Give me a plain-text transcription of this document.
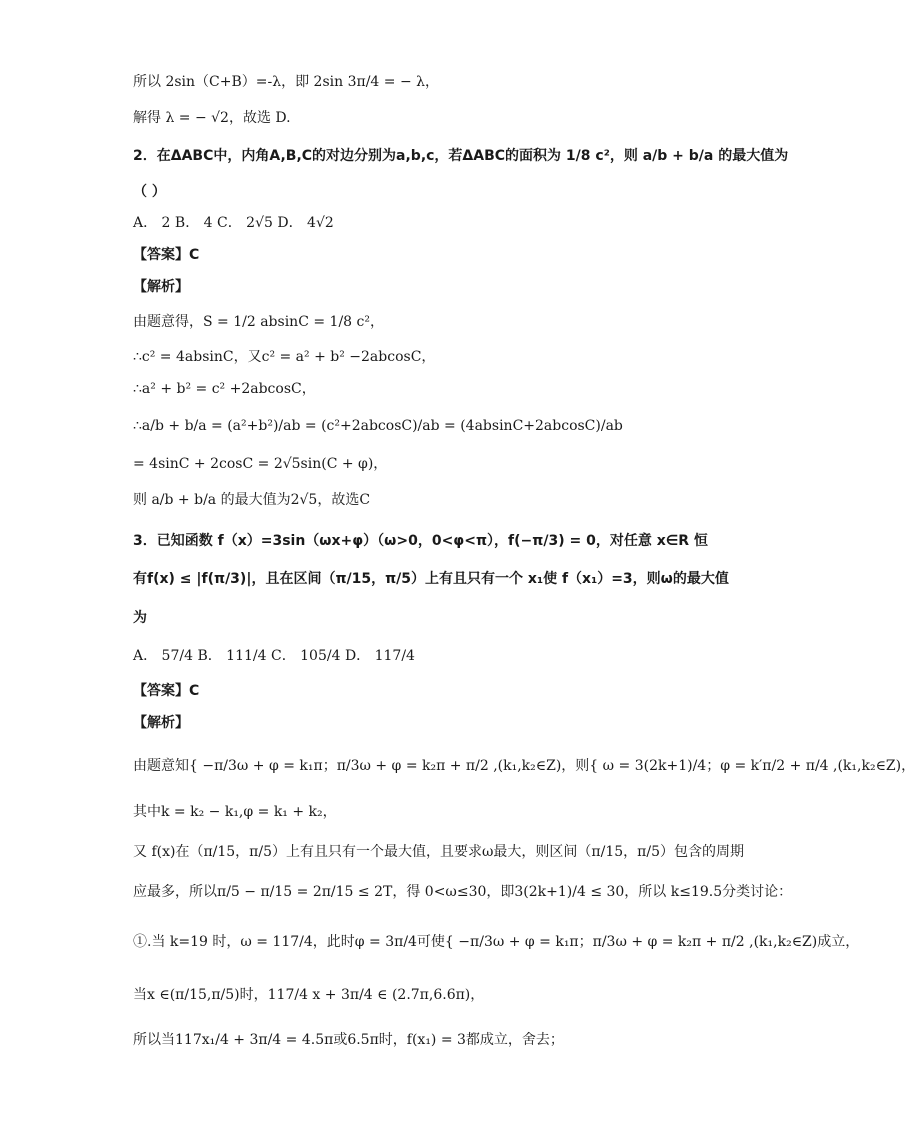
所以 2sin（C+B）=-λ，即 2sin 3π/4 = − λ，
解得 λ = − √2，故选 D.
2．在ΔABC中，内角A,B,C的对边分别为a,b,c，若ΔABC的面积为 1/8 c²，则 a/b + b/a 的最大值为
（ ）
A． 2 B． 4 C． 2√5 D． 4√2
【答案】C
【解析】
由题意得，S = 1/2 absinC = 1/8 c²，
∴c² = 4absinC，又c² = a² + b² −2abcosC，
∴a² + b² = c² +2abcosC，
∴a/b + b/a = (a²+b²)/ab = (c²+2abcosC)/ab = (4absinC+2abcosC)/ab
= 4sinC + 2cosC = 2√5sin(C + φ)，
则 a/b + b/a 的最大值为2√5，故选C
3．已知函数 f（x）=3sin（ωx+φ）（ω>0，0<φ<π），f(−π/3) = 0，对任意 x∈R 恒
有f(x) ≤ |f(π/3)|，且在区间（π/15，π/5）上有且只有一个 x₁使 f（x₁）=3，则ω的最大值
为
A． 57/4 B． 111/4 C． 105/4 D． 117/4
【答案】C
【解析】
由题意知{ −π/3ω + φ = k₁π；π/3ω + φ = k₂π + π/2 ,(k₁,k₂∈Z)，则{ ω = 3(2k+1)/4；φ = k′π/2 + π/4 ,(k₁,k₂∈Z)，
其中k = k₂ − k₁,φ = k₁ + k₂，
又 f(x)在（π/15，π/5）上有且只有一个最大值，且要求ω最大，则区间（π/15，π/5）包含的周期
应最多，所以π/5 − π/15 = 2π/15 ≤ 2T，得 0<ω≤30，即3(2k+1)/4 ≤ 30，所以 k≤19.5分类讨论：
①.当 k=19 时，ω = 117/4，此时φ = 3π/4可使{ −π/3ω + φ = k₁π；π/3ω + φ = k₂π + π/2 ,(k₁,k₂∈Z)成立，
当x ∈(π/15,π/5)时，117/4 x + 3π/4 ∈ (2.7π,6.6π)，
所以当117x₁/4 + 3π/4 = 4.5π或6.5π时，f(x₁) = 3都成立，舍去；
